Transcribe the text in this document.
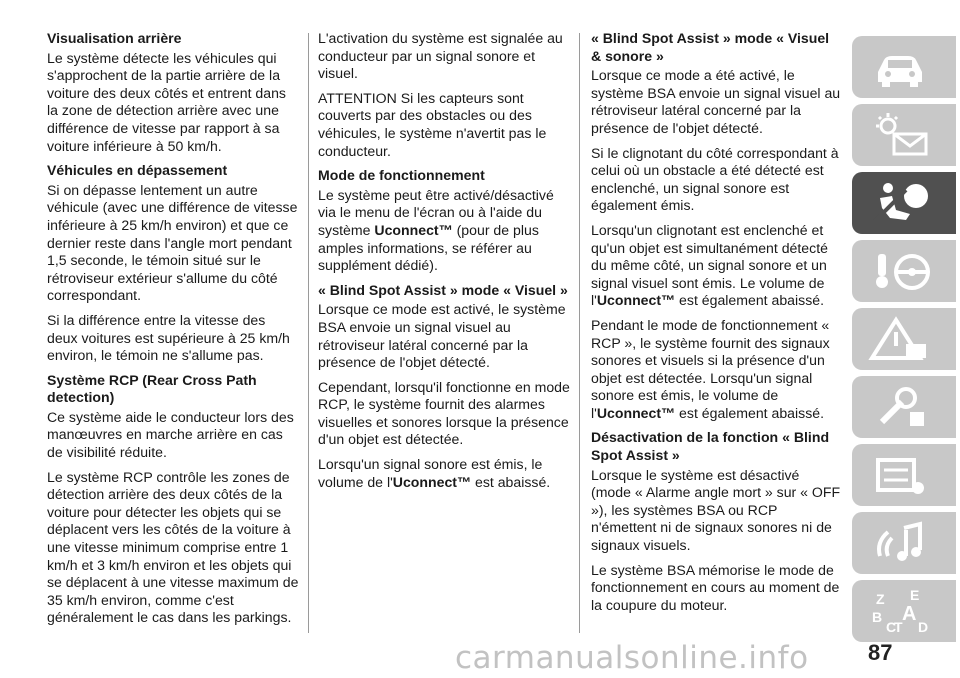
Visualisation arrière

Le système détecte les véhicules qui s'approchent de la partie arrière de la voiture des deux côtés et entrent dans la zone de détection arrière avec une différence de vitesse par rapport à sa voiture inférieure à 50 km/h.

Véhicules en dépassement

Si on dépasse lentement un autre véhicule (avec une différence de vitesse inférieure à 25 km/h environ) et que ce dernier reste dans l'angle mort pendant 1,5 seconde, le témoin situé sur le rétroviseur extérieur s'allume du côté correspondant.

Si la différence entre la vitesse des deux voitures est supérieure à 25 km/h environ, le témoin ne s'allume pas.

Système RCP (Rear Cross Path detection)

Ce système aide le conducteur lors des manœuvres en marche arrière en cas de visibilité réduite.

Le système RCP contrôle les zones de détection arrière des deux côtés de la voiture pour détecter les objets qui se déplacent vers les côtés de la voiture à une vitesse minimum comprise entre 1 km/h et 3 km/h environ et les objets qui se déplacent à une vitesse maximum de 35 km/h environ, comme c'est généralement le cas dans les parkings.

L'activation du système est signalée au conducteur par un signal sonore et visuel.

ATTENTION Si les capteurs sont couverts par des obstacles ou des véhicules, le système n'avertit pas le conducteur.

Mode de fonctionnement

Le système peut être activé/désactivé via le menu de l'écran ou à l'aide du système Uconnect™ (pour de plus amples informations, se référer au supplément dédié).

« Blind Spot Assist » mode « Visuel »

Lorsque ce mode est activé, le système BSA envoie un signal visuel au rétroviseur latéral concerné par la présence de l'objet détecté.

Cependant, lorsqu'il fonctionne en mode RCP, le système fournit des alarmes visuelles et sonores lorsque la présence d'un objet est détectée.

Lorsqu'un signal sonore est émis, le volume de l'Uconnect™ est abaissé.

« Blind Spot Assist » mode « Visuel & sonore »

Lorsque ce mode a été activé, le système BSA envoie un signal visuel au rétroviseur latéral concerné par la présence de l'objet détecté.

Si le clignotant du côté correspondant à celui où un obstacle a été détecté est enclenché, un signal sonore est également émis.

Lorsqu'un clignotant est enclenché et qu'un objet est simultanément détecté du même côté, un signal sonore et un signal visuel sont émis. Le volume de l'Uconnect™ est également abaissé.

Pendant le mode de fonctionnement « RCP », le système fournit des signaux sonores et visuels si la présence d'un objet est détectée. Lorsqu'un signal sonore est émis, le volume de l'Uconnect™ est également abaissé.

Désactivation de la fonction « Blind Spot Assist »

Lorsque le système est désactivé (mode « Alarme angle mort » sur « OFF »), les systèmes BSA ou RCP n'émettent ni de signaux sonores ni de signaux visuels.

Le système BSA mémorise le mode de fonctionnement en cours au moment de la coupure du moteur.	Z E
B A
C
T D
carmanualsonline.info	87
